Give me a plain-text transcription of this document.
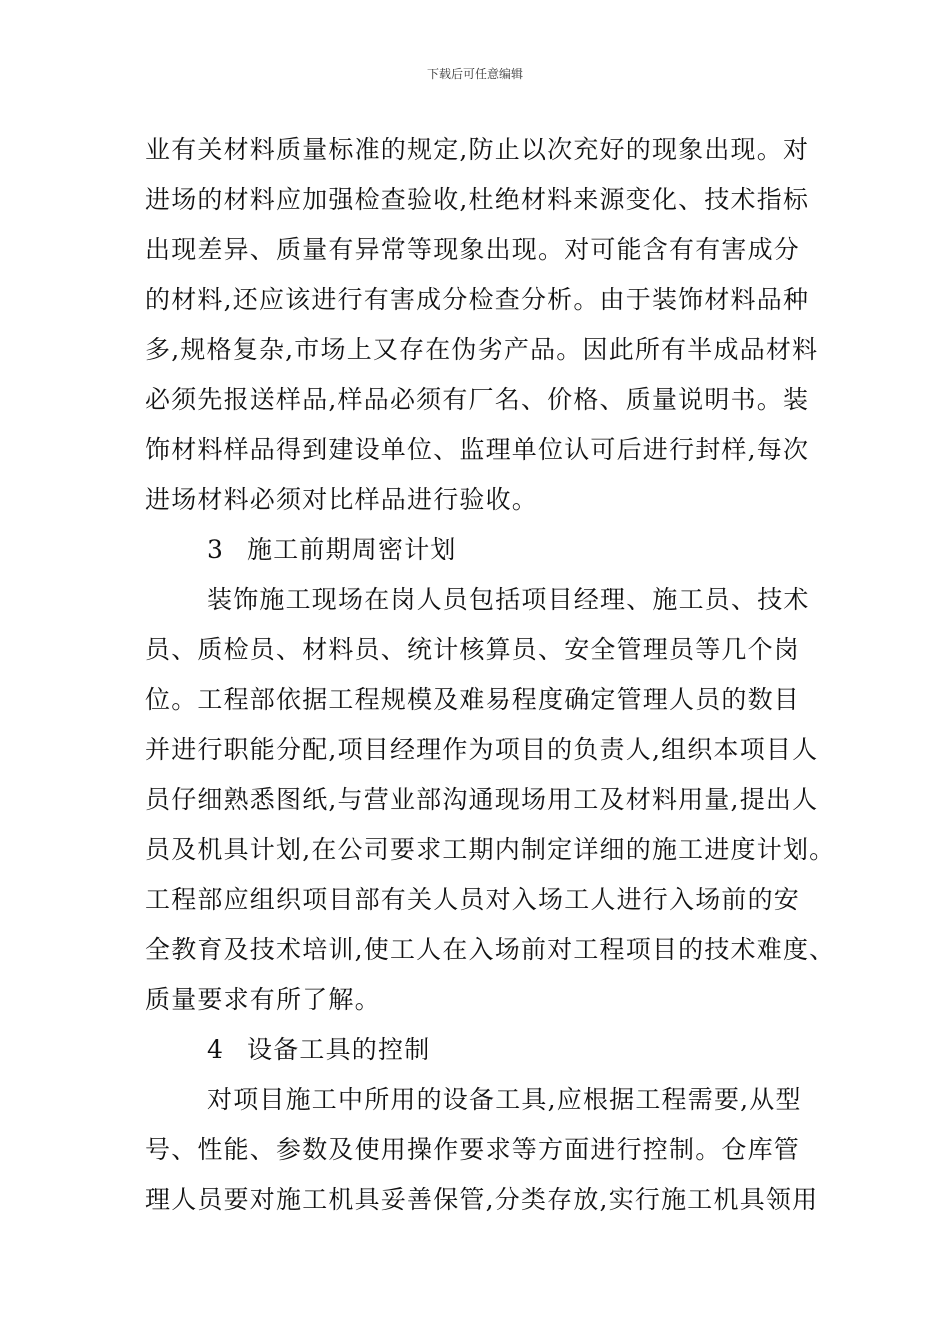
下载后可任意编辑
业有关材料质量标准的规定,防止以次充好的现象出现。对
进场的材料应加强检查验收,杜绝材料来源变化、技术指标
出现差异、质量有异常等现象出现。对可能含有有害成分
的材料,还应该进行有害成分检查分析。由于装饰材料品种
多,规格复杂,市场上又存在伪劣产品。因此所有半成品材料
必须先报送样品,样品必须有厂名、价格、质量说明书。装
饰材料样品得到建设单位、监理单位认可后进行封样,每次
进场材料必须对比样品进行验收。
3 施工前期周密计划
装饰施工现场在岗人员包括项目经理、施工员、技术
员、质检员、材料员、统计核算员、安全管理员等几个岗
位。工程部依据工程规模及难易程度确定管理人员的数目
并进行职能分配,项目经理作为项目的负责人,组织本项目人
员仔细熟悉图纸,与营业部沟通现场用工及材料用量,提出人
员及机具计划,在公司要求工期内制定详细的施工进度计划。
工程部应组织项目部有关人员对入场工人进行入场前的安
全教育及技术培训,使工人在入场前对工程项目的技术难度、
质量要求有所了解。
4 设备工具的控制
对项目施工中所用的设备工具,应根据工程需要,从型
号、性能、参数及使用操作要求等方面进行控制。仓库管
理人员要对施工机具妥善保管,分类存放,实行施工机具领用
